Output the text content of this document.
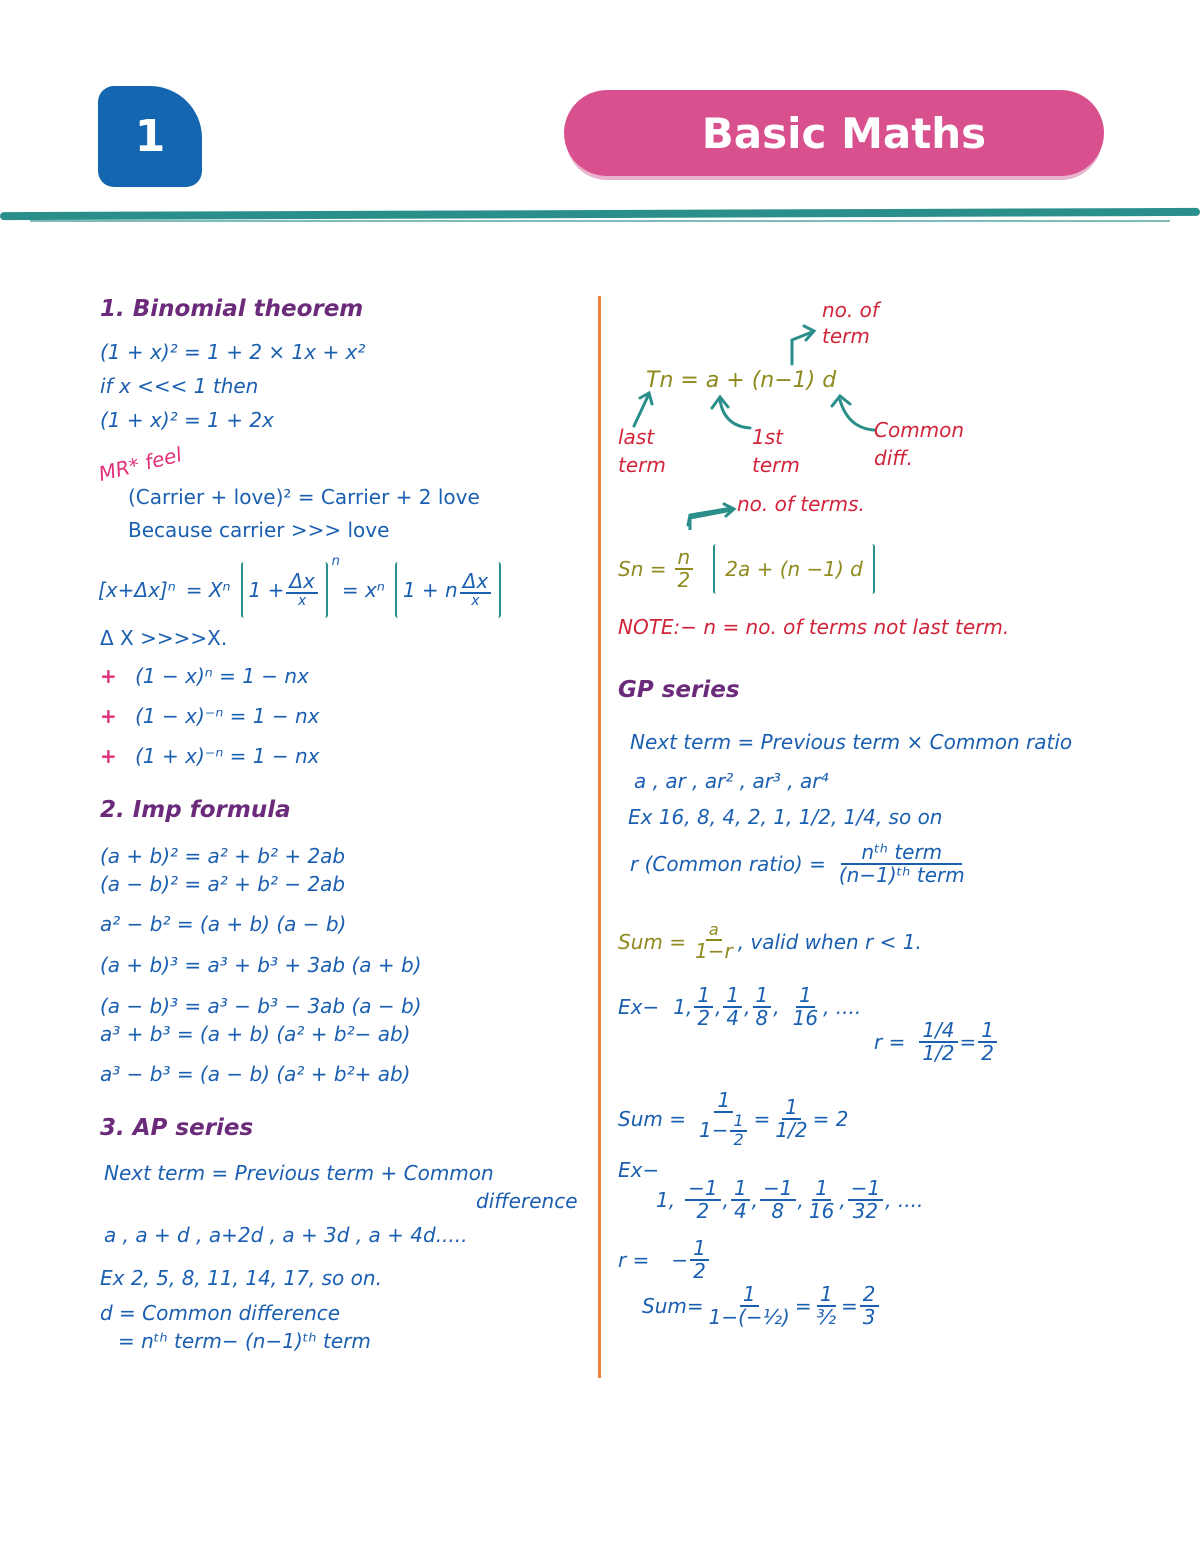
1	Basic Maths
1. Binomial theorem
(1 + x)² = 1 + 2 × 1x + x²
if x <<< 1 then
(1 + x)² = 1 + 2x
MR* feel
(Carrier + love)² = Carrier + 2 love
Because carrier >>> love
[x+Δx]ⁿ = Xⁿ $1 + \frac{\Delta x}{x}$
n
= xⁿ 1 + n $\frac{\Delta x}{x}$
Δ X >>>>X.
+ (1 − x)ⁿ = 1 − nx
+ (1 − x)⁻ⁿ = 1 − nx
+ (1 + x)⁻ⁿ = 1 − nx
2. Imp formula
(a + b)² = a² + b² + 2ab
(a − b)² = a² + b² − 2ab
a² − b² = (a + b) (a − b)
(a + b)³ = a³ + b³ + 3ab (a + b)
(a − b)³ = a³ − b³ − 3ab (a − b)
a³ + b³ = (a + b) (a² + b²− ab)
a³ − b³ = (a − b) (a² + b²+ ab)
3. AP series
Next term = Previous term + Common
difference
a , a + d , a+2d , a + 3d , a + 4d.....
Ex 2, 5, 8, 11, 14, 17, so on.
d = Common difference
= nᵗʰ term− (n−1)ᵗʰ term
no. of
term
Tn = a + (n−1) d
last
term
1st
term
Common
diff.
no. of terms.
$Sn = \frac{n}{2} 2a + (n -1)$ d
NOTE:− n = no. of terms not last term.
GP series
Next term = Previous term × Common ratio
a , ar , ar² , ar³ , ar⁴
Ex 16, 8, 4, 2, 1, 1/2, 1/4, so on
r (Common ratio) = $\frac{\text{nᵗʰ term}}{\text{(n−1)ᵗʰ term}}$
Sum = $\frac{a}{1-r}$ , valid when r < 1.
Ex− 1, $\frac{1}{2}$ , $\frac{1}{4}$ , $\frac{1}{8}$ , $\frac{1}{16}$ , ....
$r = \frac{1/4}{1/2} = \frac{1}{2}$
Sum = $\frac{1}{1- \frac{1}{2}} = \frac{1}{1/2} = 2$
Ex−
1, $\frac{-1}{2}$ , $\frac{1}{4}$ , $\frac{-1}{8}$ , $\frac{1}{16}$ , $\frac{-1}{32}$ , ....
r = − $\frac{1}{2}$
$Sum= \frac{1}{\text{1−(−½)}} = \frac{1}{\text{³⁄₂}} = \frac{2}{3}$
